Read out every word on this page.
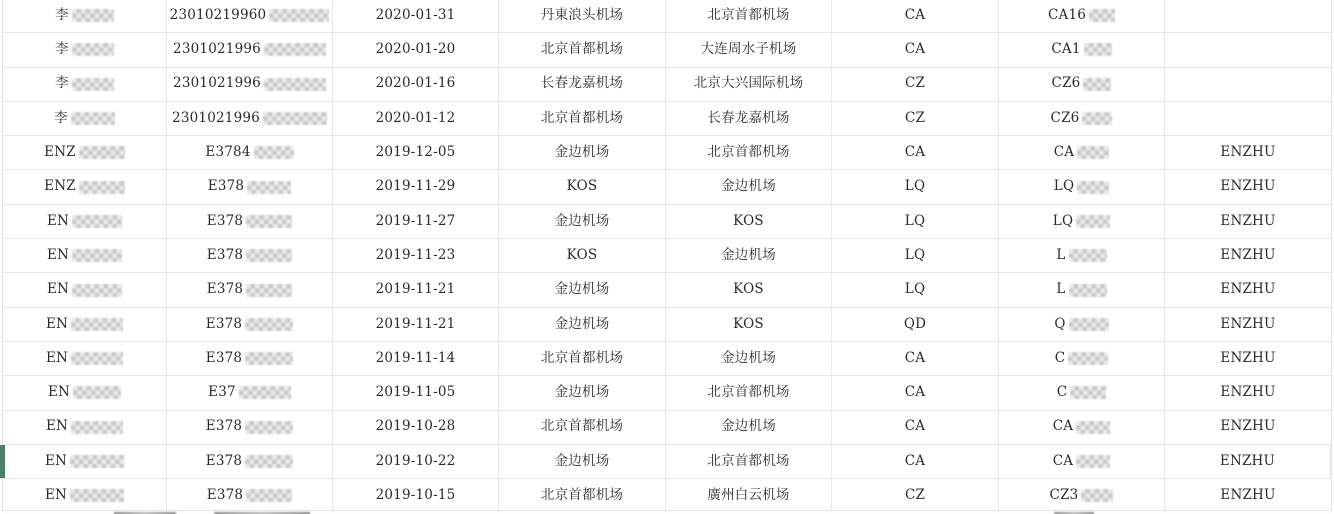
李	23010219960	2020-01-31	丹東浪头机场	北京首都机场	CA	CA16
李	2301021996	2020-01-20	北京首都机场	大连周水子机场	CA	CA1
李	2301021996	2020-01-16	长春龙嘉机场	北京大兴国际机场	CZ	CZ6
李	2301021996	2020-01-12	北京首都机场	长春龙嘉机场	CZ	CZ6
ENZ	E3784	2019-12-05	金边机场	北京首都机场	CA	CA	ENZHU
ENZ	E378	2019-11-29	KOS	金边机场	LQ	LQ	ENZHU
EN	E378	2019-11-27	金边机场	KOS	LQ	LQ	ENZHU
EN	E378	2019-11-23	KOS	金边机场	LQ	L	ENZHU
EN	E378	2019-11-21	金边机场	KOS	LQ	L	ENZHU
EN	E378	2019-11-21	金边机场	KOS	QD	Q	ENZHU
EN	E378	2019-11-14	北京首都机场	金边机场	CA	C	ENZHU
EN	E37	2019-11-05	金边机场	北京首都机场	CA	C	ENZHU
EN	E378	2019-10-28	北京首都机场	金边机场	CA	CA	ENZHU
EN	E378	2019-10-22	金边机场	北京首都机场	CA	CA	ENZHU
EN	E378	2019-10-15	北京首都机场	廣州白云机场	CZ	CZ3	ENZHU
